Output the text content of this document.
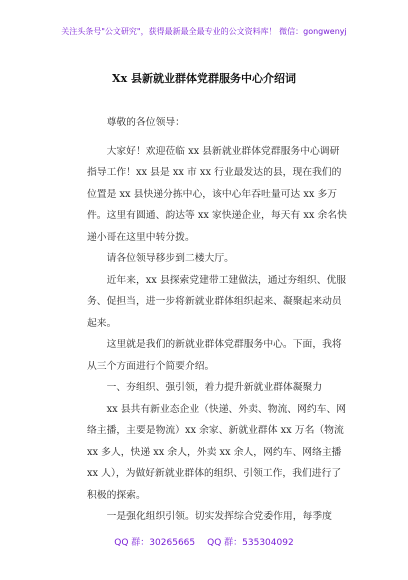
关注头条号"公文研究"，获得最新最全最专业的公文资料库！ 微信：gongwenyj
Xx 县新就业群体党群服务中心介绍词

尊敬的各位领导：

大家好！欢迎莅临 xx 县新就业群体党群服务中心调研指导工作！xx 县是 xx 市 xx 行业最发达的县，现在我们的位置是 xx 县快递分拣中心，该中心年吞吐量可达 xx 多万件。这里有圆通、韵达等 xx 家快递企业，每天有 xx 余名快递小哥在这里中转分拨。

请各位领导移步到二楼大厅。

近年来，xx 县探索党建带工建做法，通过夯组织、优服务、促担当，进一步将新就业群体组织起来、凝聚起来动员起来。

这里就是我们的新就业群体党群服务中心。下面，我将从三个方面进行个简要介绍。

一、夯组织、强引领，着力提升新就业群体凝聚力

xx 县共有新业态企业（快递、外卖、物流、网约车、网络主播，主要是物流）xx 余家、新就业群体 xx 万名（物流 xx 多人，快递 xx 余人，外卖 xx 余人，网约车、网络主播 xx 人），为做好新就业群体的组织、引领工作，我们进行了积极的探索。

一是强化组织引领。切实发挥综合党委作用，每季度

QQ 群：30265665 QQ 群：535304092
